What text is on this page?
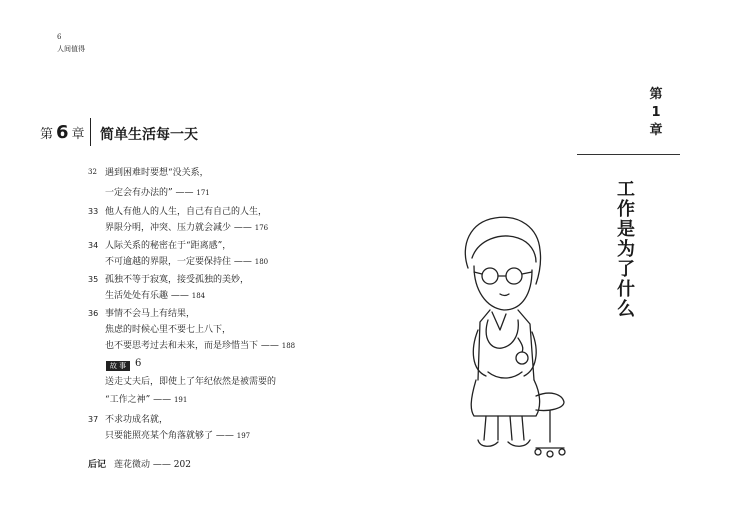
6
人间值得
第 6 章 简单生活每一天
32 遇到困难时要想“没关系，
一定会有办法的” —— 171
33 他人有他人的人生，自己有自己的人生，
界限分明，冲突、压力就会减少 —— 176
34 人际关系的秘密在于“距离感”，
不可逾越的界限，一定要保持住 —— 180
35 孤独不等于寂寞，接受孤独的美妙，
生活处处有乐趣 —— 184
36 事情不会马上有结果，
焦虑的时候心里不要七上八下，
也不要思考过去和未来，而是珍惜当下 —— 188
故 事 6
送走丈夫后，即使上了年纪依然是被需要的
“工作之神” —— 191
37 不求功成名就，
只要能照亮某个角落就够了 —— 197
后记 莲花微动 —— 202
第
1
章
工
作
是
为
了
什
么
